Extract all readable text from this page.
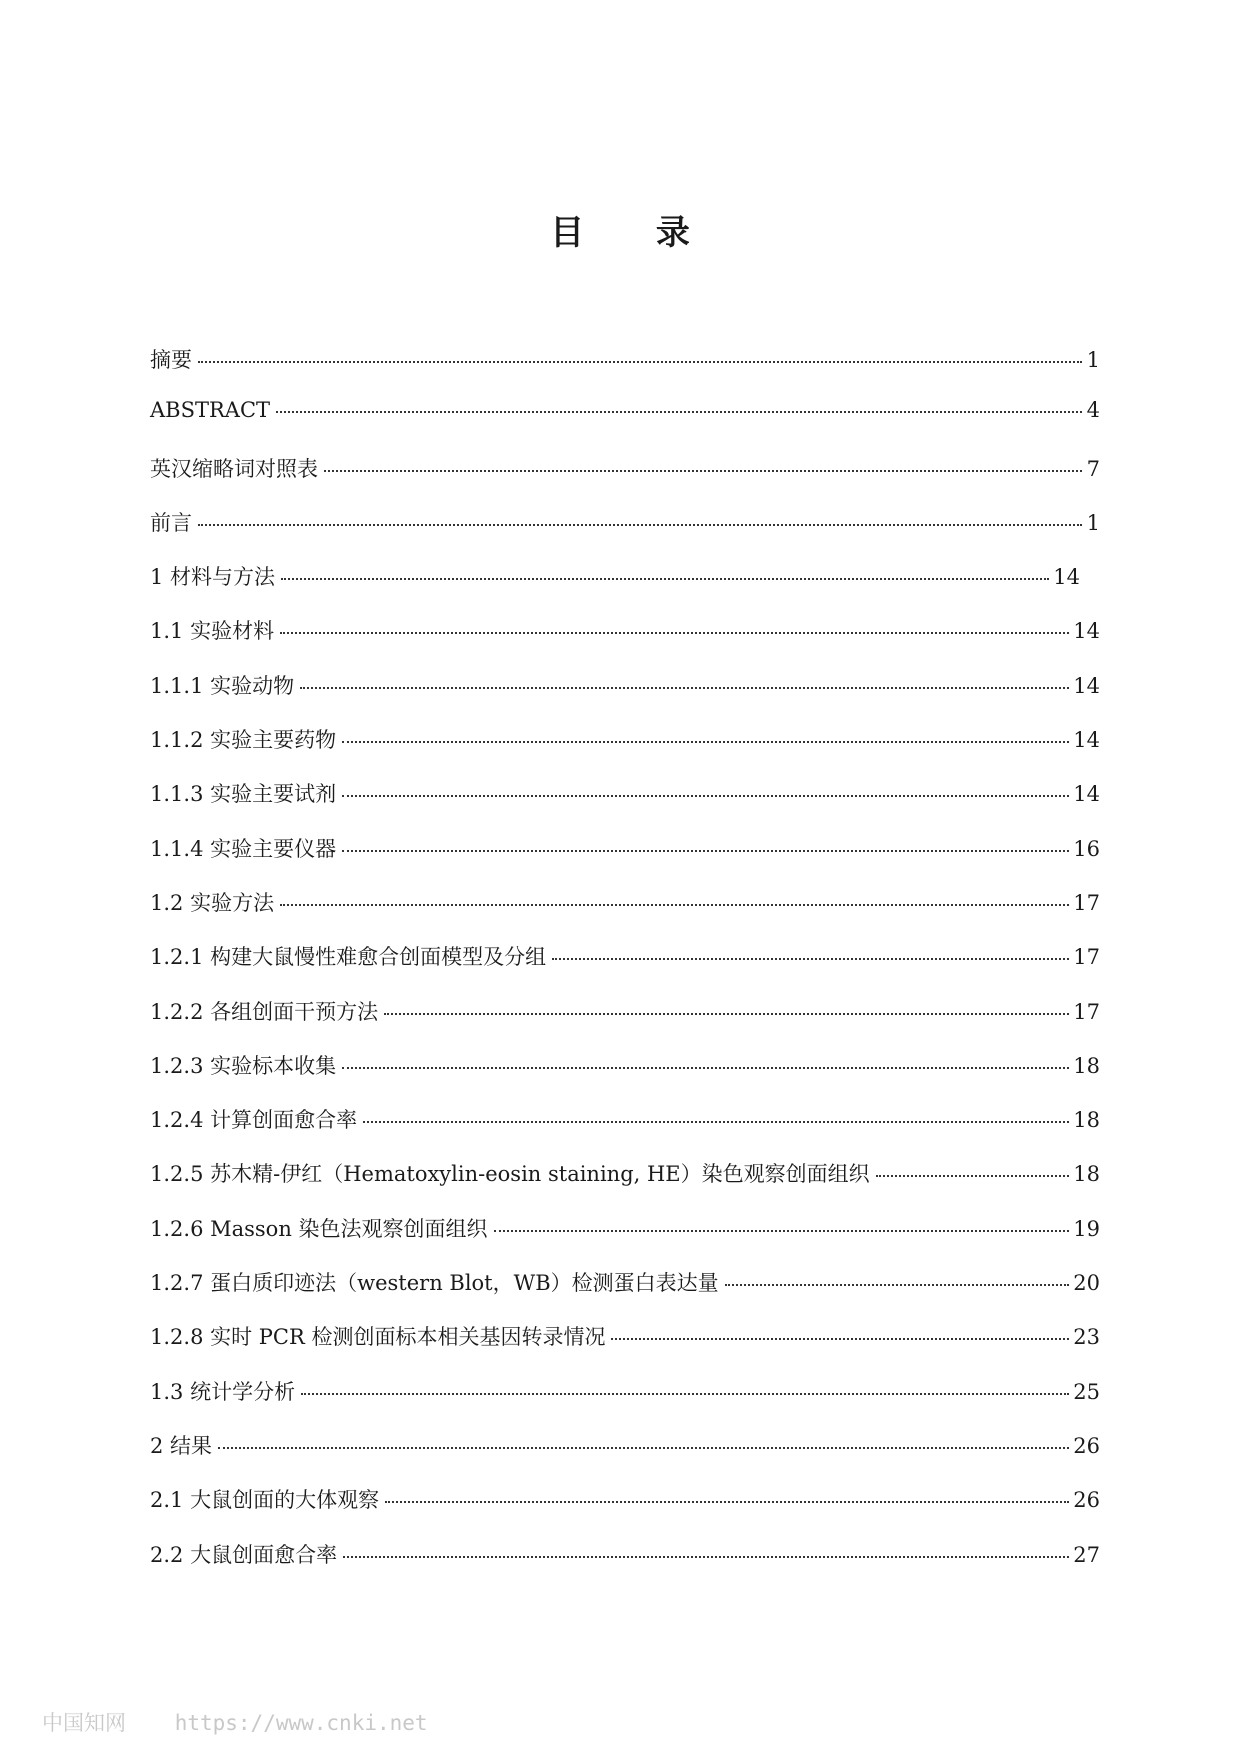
目 录
摘要	1
ABSTRACT	4
英汉缩略词对照表	7
前言	1
1 材料与方法	14
1.1 实验材料	14
1.1.1 实验动物	14
1.1.2 实验主要药物	14
1.1.3 实验主要试剂	14
1.1.4 实验主要仪器	16
1.2 实验方法	17
1.2.1 构建大鼠慢性难愈合创面模型及分组	17
1.2.2 各组创面干预方法	17
1.2.3 实验标本收集	18
1.2.4 计算创面愈合率	18
1.2.5 苏木精-伊红（Hematoxylin-eosin staining, HE）染色观察创面组织	18
1.2.6 Masson 染色法观察创面组织	19
1.2.7 蛋白质印迹法（western Blot，WB）检测蛋白表达量	20
1.2.8 实时 PCR 检测创面标本相关基因转录情况	23
1.3 统计学分析	25
2 结果	26
2.1 大鼠创面的大体观察	26
2.2 大鼠创面愈合率	27
中国知网 https://www.cnki.net
